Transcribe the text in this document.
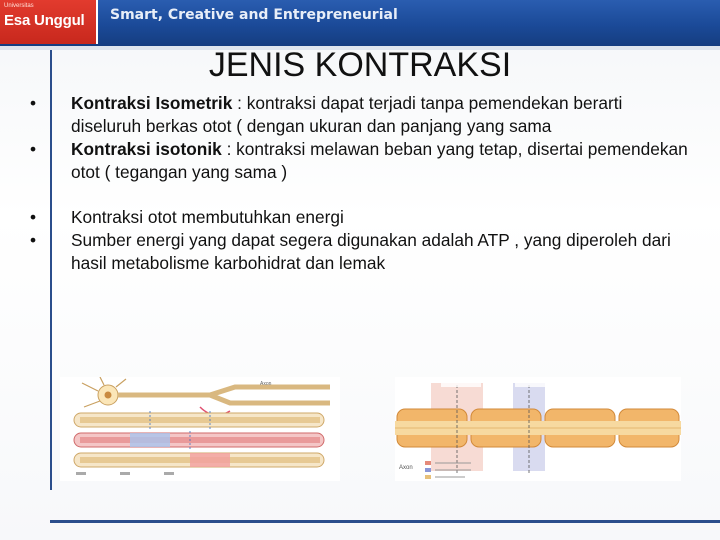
Universitas
Esa Unggul Smart, Creative and Entrepreneurial
JENIS KONTRAKSI
• Kontraksi Isometrik : kontraksi dapat terjadi tanpa pemendekan berarti diseluruh berkas otot ( dengan ukuran dan panjang yang sama
• Kontraksi isotonik : kontraksi melawan beban yang tetap, disertai pemendekan otot ( tegangan yang sama )
• Kontraksi otot membutuhkan energi
• Sumber energi yang dapat segera digunakan adalah ATP , yang diperoleh dari hasil metabolisme karbohidrat dan lemak
Axon
Axon
